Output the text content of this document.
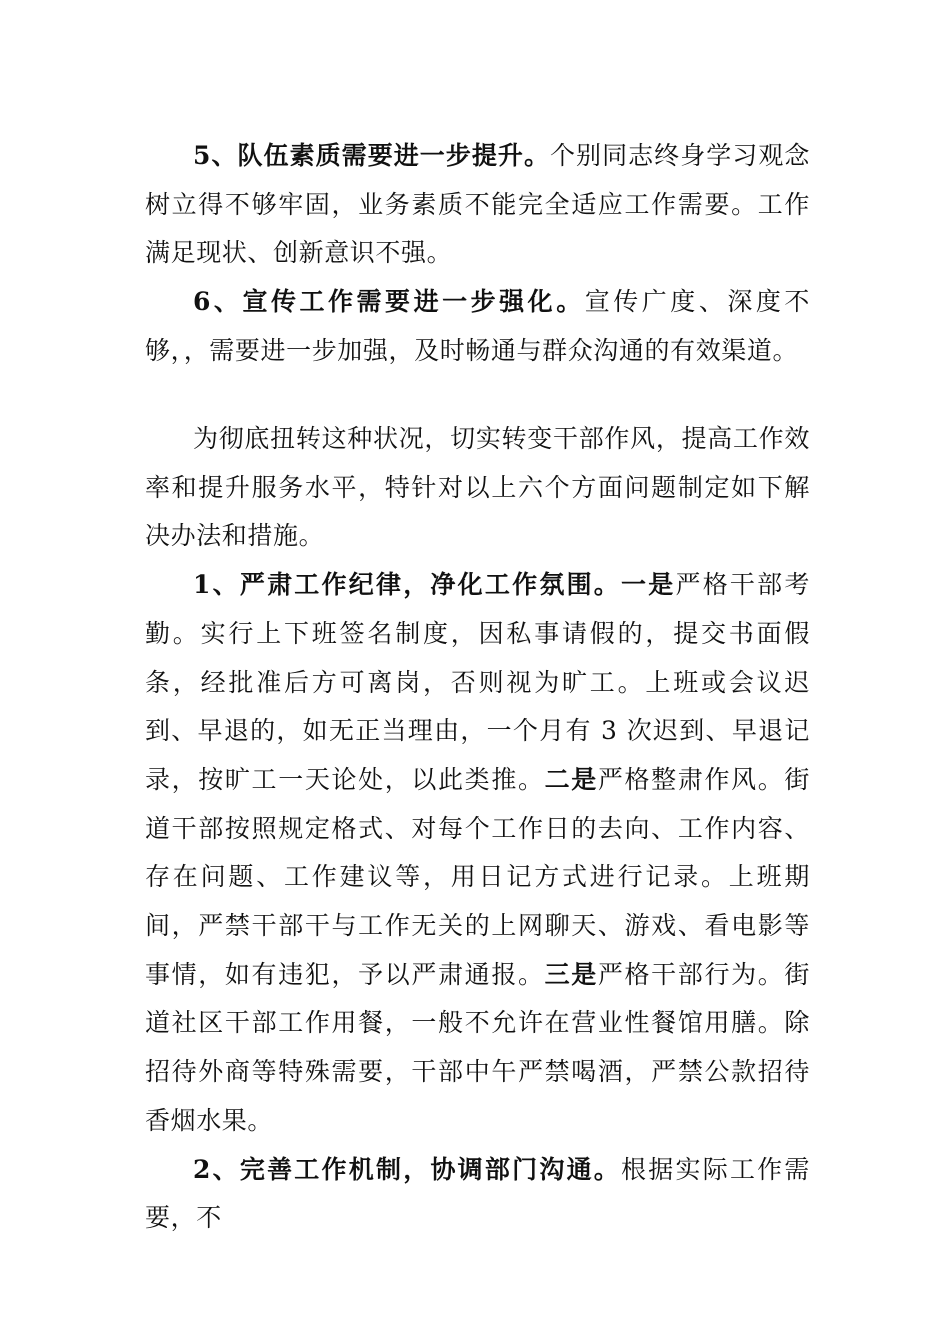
5、队伍素质需要进一步提升。个别同志终身学习观念树立得不够牢固，业务素质不能完全适应工作需要。工作满足现状、创新意识不强。

6、宣传工作需要进一步强化。宣传广度、深度不够，，需要进一步加强，及时畅通与群众沟通的有效渠道。

为彻底扭转这种状况，切实转变干部作风，提高工作效率和提升服务水平，特针对以上六个方面问题制定如下解决办法和措施。

1、严肃工作纪律，净化工作氛围。一是严格干部考勤。实行上下班签名制度，因私事请假的，提交书面假条，经批准后方可离岗，否则视为旷工。上班或会议迟到、早退的，如无正当理由，一个月有 3 次迟到、早退记录，按旷工一天论处，以此类推。二是严格整肃作风。街道干部按照规定格式、对每个工作日的去向、工作内容、存在问题、工作建议等，用日记方式进行记录。上班期间，严禁干部干与工作无关的上网聊天、游戏、看电影等事情，如有违犯，予以严肃通报。三是严格干部行为。街道社区干部工作用餐，一般不允许在营业性餐馆用膳。除招待外商等特殊需要，干部中午严禁喝酒，严禁公款招待香烟水果。

2、完善工作机制，协调部门沟通。根据实际工作需要，不
